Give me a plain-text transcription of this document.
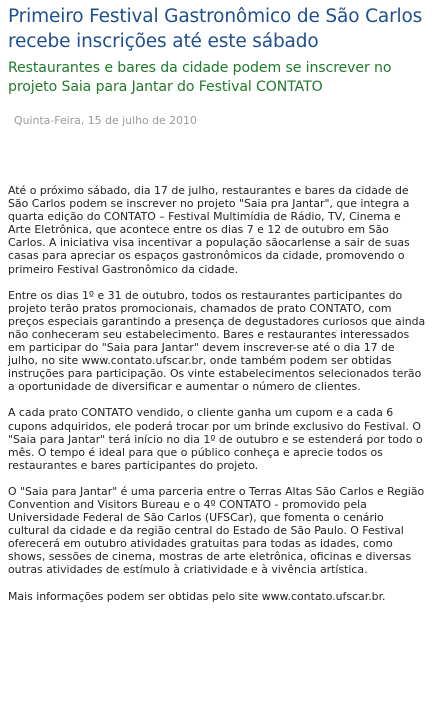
Primeiro Festival Gastronômico de São Carlos recebe inscrições até este sábado
Restaurantes e bares da cidade podem se inscrever no projeto Saia para Jantar do Festival CONTATO
Quinta-Feira, 15 de julho de 2010

Até o próximo sábado, dia 17 de julho, restaurantes e bares da cidade de São Carlos podem se inscrever no projeto "Saia pra Jantar", que integra a quarta edição do CONTATO – Festival Multimídia de Rádio, TV, Cinema e Arte Eletrônica, que acontece entre os dias 7 e 12 de outubro em São Carlos. A iniciativa visa incentivar a população sãocarlense a sair de suas casas para apreciar os espaços gastronômicos da cidade, promovendo o primeiro Festival Gastronômico da cidade.

Entre os dias 1º e 31 de outubro, todos os restaurantes participantes do projeto terão pratos promocionais, chamados de prato CONTATO, com preços especiais garantindo a presença de degustadores curiosos que ainda não conheceram seu estabelecimento. Bares e restaurantes interessados em participar do "Saia para Jantar" devem inscrever-se até o dia 17 de julho, no site www.contato.ufscar.br, onde também podem ser obtidas instruções para participação. Os vinte estabelecimentos selecionados terão a oportunidade de diversificar e aumentar o número de clientes.

A cada prato CONTATO vendido, o cliente ganha um cupom e a cada 6 cupons adquiridos, ele poderá trocar por um brinde exclusivo do Festival. O "Saia para Jantar" terá início no dia 1º de outubro e se estenderá por todo o mês. O tempo é ideal para que o público conheça e aprecie todos os restaurantes e bares participantes do projeto.

O "Saia para Jantar" é uma parceria entre o Terras Altas São Carlos e Região Convention and Visitors Bureau e o 4º CONTATO - promovido pela Universidade Federal de São Carlos (UFSCar), que fomenta o cenário cultural da cidade e da região central do Estado de São Paulo. O Festival oferecerá em outubro atividades gratuitas para todas as idades, como shows, sessões de cinema, mostras de arte eletrônica, oficinas e diversas outras atividades de estímulo à criatividade e à vivência artística.

Mais informações podem ser obtidas pelo site www.contato.ufscar.br.
